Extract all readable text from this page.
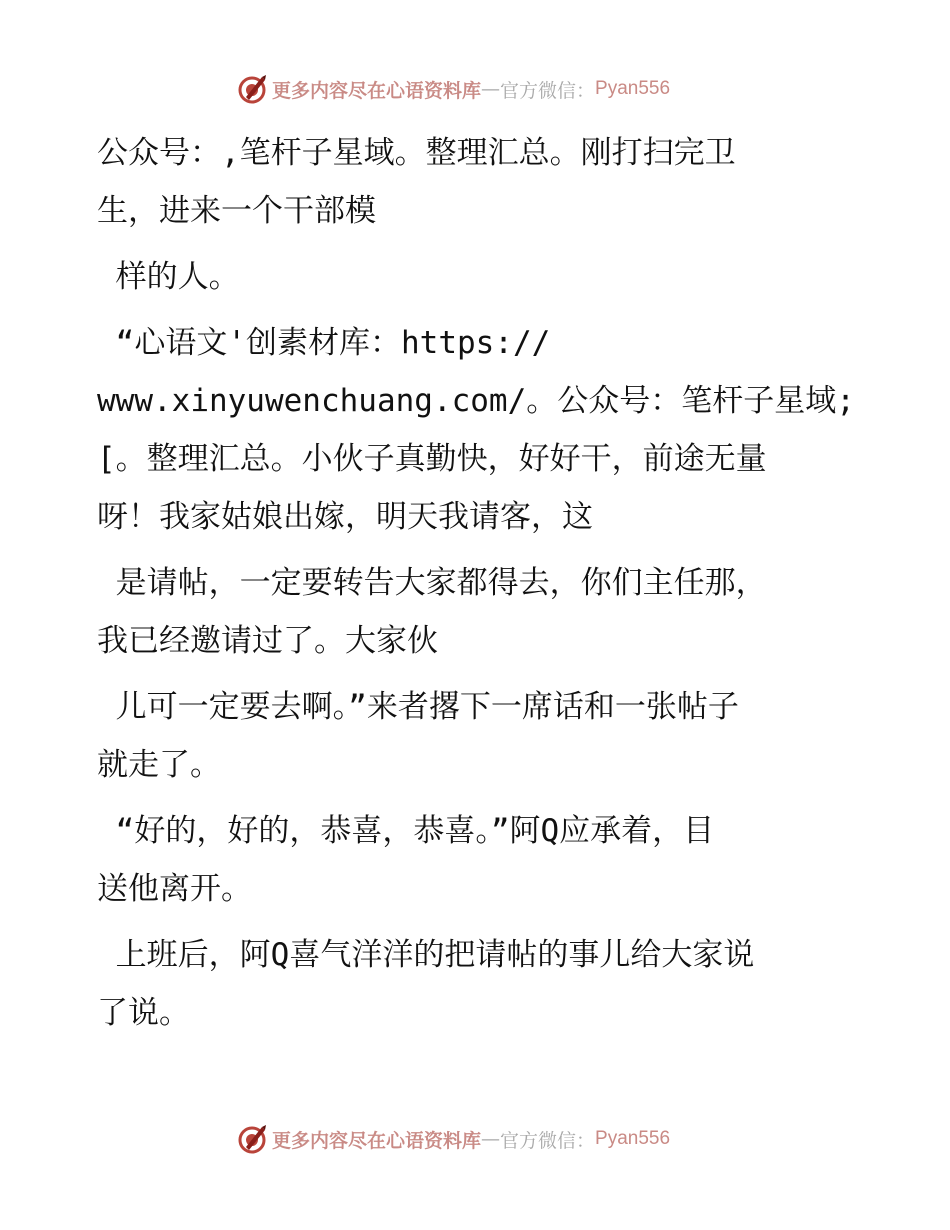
更多内容尽在心语资料库 — 官方微信： Pyan556
公众号：,笔杆子星域。整理汇总。刚打扫完卫
生，进来一个干部模
样的人。
“心语文'创素材库：https://
www.xinyuwenchuang.com/。公众号：笔杆子星域;
[。整理汇总。小伙子真勤快，好好干，前途无量
呀！我家姑娘出嫁，明天我请客，这
是请帖，一定要转告大家都得去，你们主任那，
我已经邀请过了。大家伙
儿可一定要去啊。”来者撂下一席话和一张帖子
就走了。
“好的，好的，恭喜，恭喜。”阿Q应承着，目
送他离开。
上班后，阿Q喜气洋洋的把请帖的事儿给大家说
了说。
更多内容尽在心语资料库 — 官方微信： Pyan556
